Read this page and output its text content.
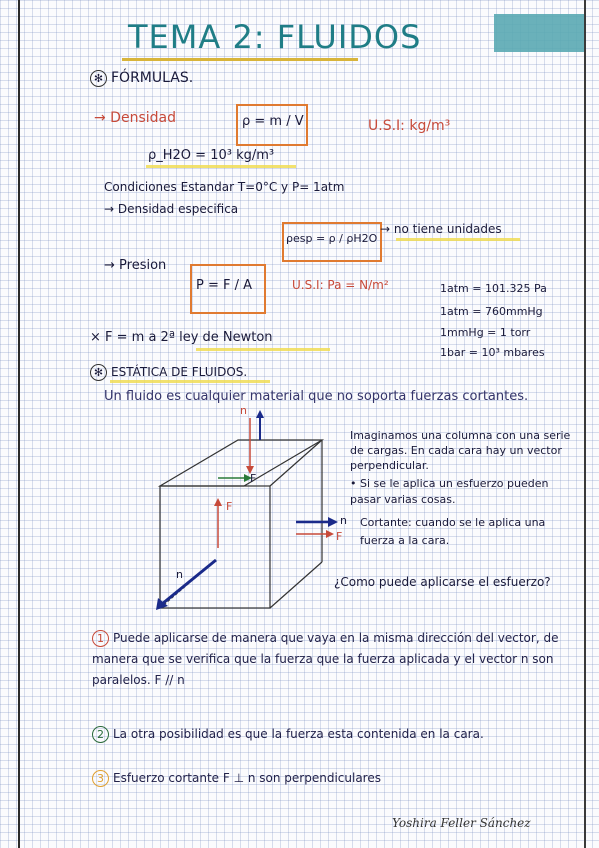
TEMA 2: FLUIDOS
✻ FÓRMULAS.
→ Densidad	ρ = m / V	U.S.I: kg/m³
ρ_H2O = 10³ kg/m³
Condiciones Estandar T=0°C y P= 1atm
→ Densidad especifica
ρesp = ρ / ρH2O
→ no tiene unidades
→ Presion
P = F / A	U.S.I: Pa = N/m²	1atm = 101.325 Pa
1atm = 760mmHg
1mmHg = 1 torr
1bar = 10³ mbares
× F = m a 2ª ley de Newton
✻ ESTÁTICA DE FLUIDOS.
Un fluido es cualquier material que no soporta fuerzas cortantes.
n
F
F
n
F
n
Imaginamos una columna con una serie de cargas. En cada cara hay un vector perpendicular.
• Si se le aplica un esfuerzo pueden pasar varias cosas.
Cortante: cuando se le aplica una fuerza a la cara.
¿Como puede aplicarse el esfuerzo?
1 Puede aplicarse de manera que vaya en la misma dirección del vector, de manera que se verifica que la fuerza que la fuerza aplicada y el vector n son paralelos. F // n
2 La otra posibilidad es que la fuerza esta contenida en la cara.
3 Esfuerzo cortante F ⊥ n son perpendiculares
Yoshira Feller Sánchez
